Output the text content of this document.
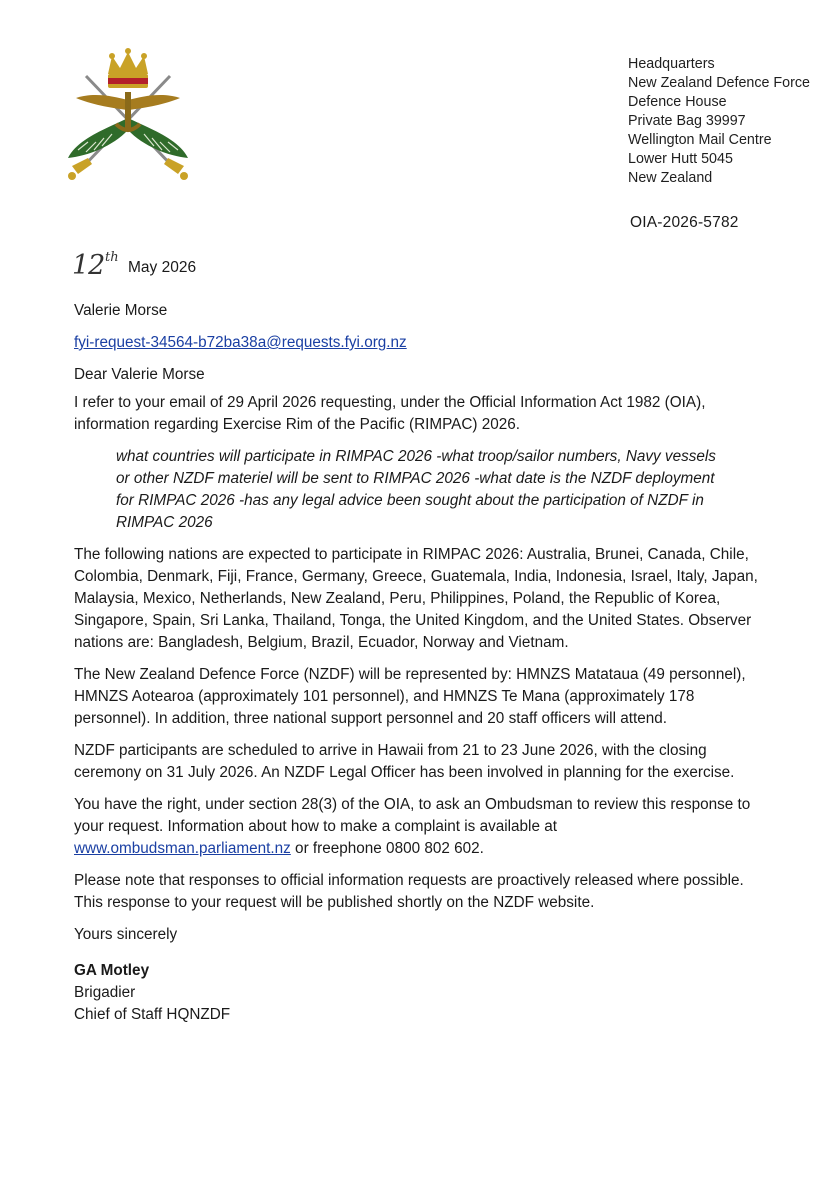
Headquarters
New Zealand Defence Force
Defence House
Private Bag 39997
Wellington Mail Centre
Lower Hutt 5045
New Zealand
OIA-2026-5782
12 th
May 2026

Valerie Morse

fyi-request-34564-b72ba38a@requests.fyi.org.nz

Dear Valerie Morse

I refer to your email of 29 April 2026 requesting, under the Official Information Act 1982 (OIA), information regarding Exercise Rim of the Pacific (RIMPAC) 2026.

what countries will participate in RIMPAC 2026 -what troop/sailor numbers, Navy vessels or other NZDF materiel will be sent to RIMPAC 2026 -what date is the NZDF deployment for RIMPAC 2026 -has any legal advice been sought about the participation of NZDF in RIMPAC 2026

The following nations are expected to participate in RIMPAC 2026: Australia, Brunei, Canada, Chile, Colombia, Denmark, Fiji, France, Germany, Greece, Guatemala, India, Indonesia, Israel, Italy, Japan, Malaysia, Mexico, Netherlands, New Zealand, Peru, Philippines, Poland, the Republic of Korea, Singapore, Spain, Sri Lanka, Thailand, Tonga, the United Kingdom, and the United States. Observer nations are: Bangladesh, Belgium, Brazil, Ecuador, Norway and Vietnam.

The New Zealand Defence Force (NZDF) will be represented by: HMNZS Matataua (49 personnel), HMNZS Aotearoa (approximately 101 personnel), and HMNZS Te Mana (approximately 178 personnel). In addition, three national support personnel and 20 staff officers will attend.

NZDF participants are scheduled to arrive in Hawaii from 21 to 23 June 2026, with the closing ceremony on 31 July 2026. An NZDF Legal Officer has been involved in planning for the exercise.

You have the right, under section 28(3) of the OIA, to ask an Ombudsman to review this response to your request. Information about how to make a complaint is available at www.ombudsman.parliament.nz or freephone 0800 802 602.

Please note that responses to official information requests are proactively released where possible. This response to your request will be published shortly on the NZDF website.

Yours sincerely

GA Motley

Brigadier

Chief of Staff HQNZDF
